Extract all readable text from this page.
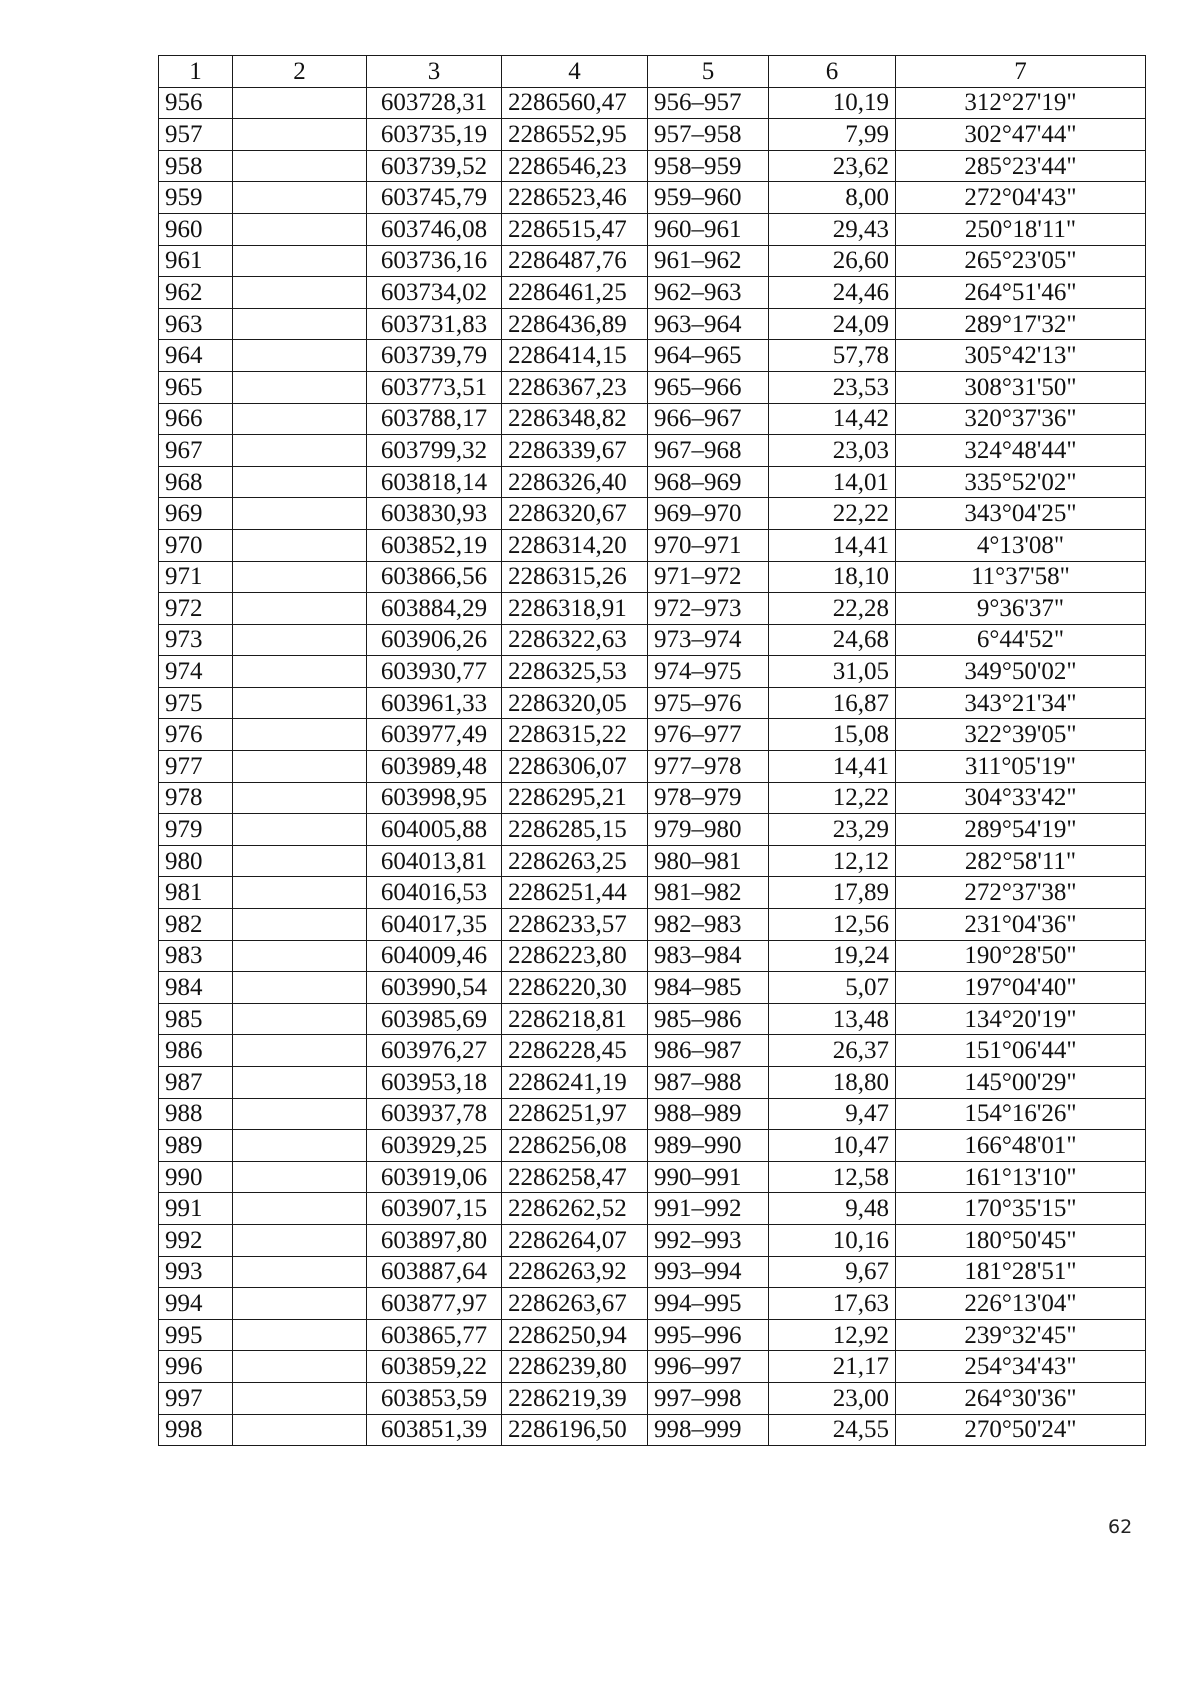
1	2	3	4	5	6	7
956		603728,31	2286560,47	956–957	10,19	312°27'19"
957		603735,19	2286552,95	957–958	7,99	302°47'44"
958		603739,52	2286546,23	958–959	23,62	285°23'44"
959		603745,79	2286523,46	959–960	8,00	272°04'43"
960		603746,08	2286515,47	960–961	29,43	250°18'11"
961		603736,16	2286487,76	961–962	26,60	265°23'05"
962		603734,02	2286461,25	962–963	24,46	264°51'46"
963		603731,83	2286436,89	963–964	24,09	289°17'32"
964		603739,79	2286414,15	964–965	57,78	305°42'13"
965		603773,51	2286367,23	965–966	23,53	308°31'50"
966		603788,17	2286348,82	966–967	14,42	320°37'36"
967		603799,32	2286339,67	967–968	23,03	324°48'44"
968		603818,14	2286326,40	968–969	14,01	335°52'02"
969		603830,93	2286320,67	969–970	22,22	343°04'25"
970		603852,19	2286314,20	970–971	14,41	4°13'08"
971		603866,56	2286315,26	971–972	18,10	11°37'58"
972		603884,29	2286318,91	972–973	22,28	9°36'37"
973		603906,26	2286322,63	973–974	24,68	6°44'52"
974		603930,77	2286325,53	974–975	31,05	349°50'02"
975		603961,33	2286320,05	975–976	16,87	343°21'34"
976		603977,49	2286315,22	976–977	15,08	322°39'05"
977		603989,48	2286306,07	977–978	14,41	311°05'19"
978		603998,95	2286295,21	978–979	12,22	304°33'42"
979		604005,88	2286285,15	979–980	23,29	289°54'19"
980		604013,81	2286263,25	980–981	12,12	282°58'11"
981		604016,53	2286251,44	981–982	17,89	272°37'38"
982		604017,35	2286233,57	982–983	12,56	231°04'36"
983		604009,46	2286223,80	983–984	19,24	190°28'50"
984		603990,54	2286220,30	984–985	5,07	197°04'40"
985		603985,69	2286218,81	985–986	13,48	134°20'19"
986		603976,27	2286228,45	986–987	26,37	151°06'44"
987		603953,18	2286241,19	987–988	18,80	145°00'29"
988		603937,78	2286251,97	988–989	9,47	154°16'26"
989		603929,25	2286256,08	989–990	10,47	166°48'01"
990		603919,06	2286258,47	990–991	12,58	161°13'10"
991		603907,15	2286262,52	991–992	9,48	170°35'15"
992		603897,80	2286264,07	992–993	10,16	180°50'45"
993		603887,64	2286263,92	993–994	9,67	181°28'51"
994		603877,97	2286263,67	994–995	17,63	226°13'04"
995		603865,77	2286250,94	995–996	12,92	239°32'45"
996		603859,22	2286239,80	996–997	21,17	254°34'43"
997		603853,59	2286219,39	997–998	23,00	264°30'36"
998		603851,39	2286196,50	998–999	24,55	270°50'24"
62
